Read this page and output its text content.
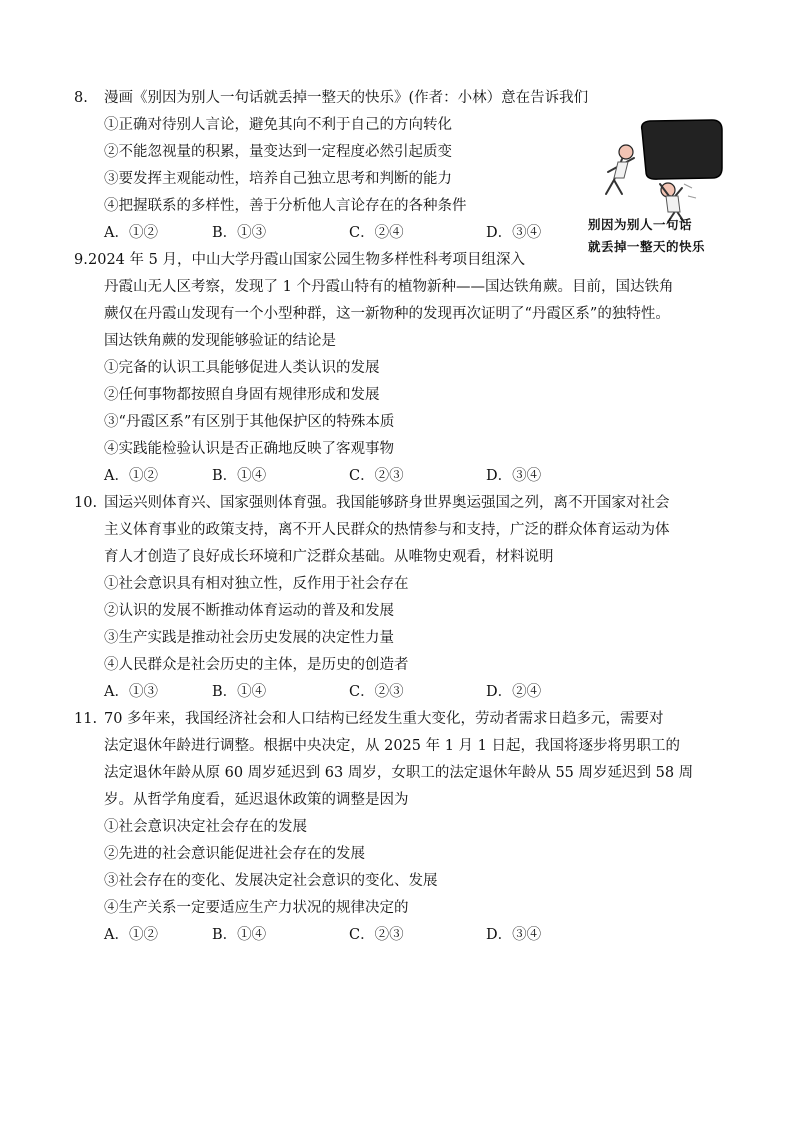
8. 漫画《别因为别人一句话就丢掉一整天的快乐》(作者：小林）意在告诉我们
①正确对待别人言论，避免其向不利于自己的方向转化
②不能忽视量的积累，量变达到一定程度必然引起质变
③要发挥主观能动性，培养自己独立思考和判断的能力
④把握联系的多样性，善于分析他人言论存在的各种条件
A．①②	B．①③	C．②④	D．③④
别因为别人一句话
就丢掉一整天的快乐
9. 2024 年 5 月，中山大学丹霞山国家公园生物多样性科考项目组深入
丹霞山无人区考察，发现了 1 个丹霞山特有的植物新种——国达铁角蕨。目前，国达铁角
蕨仅在丹霞山发现有一个小型种群，这一新物种的发现再次证明了“丹霞区系”的独特性。
国达铁角蕨的发现能够验证的结论是
①完备的认识工具能够促进人类认识的发展
②任何事物都按照自身固有规律形成和发展
③“丹霞区系”有区别于其他保护区的特殊本质
④实践能检验认识是否正确地反映了客观事物
A．①②	B．①④	C．②③	D．③④
10. 国运兴则体育兴、国家强则体育强。我国能够跻身世界奥运强国之列，离不开国家对社会
主义体育事业的政策支持，离不开人民群众的热情参与和支持，广泛的群众体育运动为体
育人才创造了良好成长环境和广泛群众基础。从唯物史观看，材料说明
①社会意识具有相对独立性，反作用于社会存在
②认识的发展不断推动体育运动的普及和发展
③生产实践是推动社会历史发展的决定性力量
④人民群众是社会历史的主体，是历史的创造者
A．①③	B．①④	C．②③	D．②④
11. 70 多年来，我国经济社会和人口结构已经发生重大变化，劳动者需求日趋多元，需要对
法定退休年龄进行调整。根据中央决定，从 2025 年 1 月 1 日起，我国将逐步将男职工的
法定退休年龄从原 60 周岁延迟到 63 周岁，女职工的法定退休年龄从 55 周岁延迟到 58 周
岁。从哲学角度看，延迟退休政策的调整是因为
①社会意识决定社会存在的发展
②先进的社会意识能促进社会存在的发展
③社会存在的变化、发展决定社会意识的变化、发展
④生产关系一定要适应生产力状况的规律决定的
A．①②	B．①④	C．②③	D．③④
